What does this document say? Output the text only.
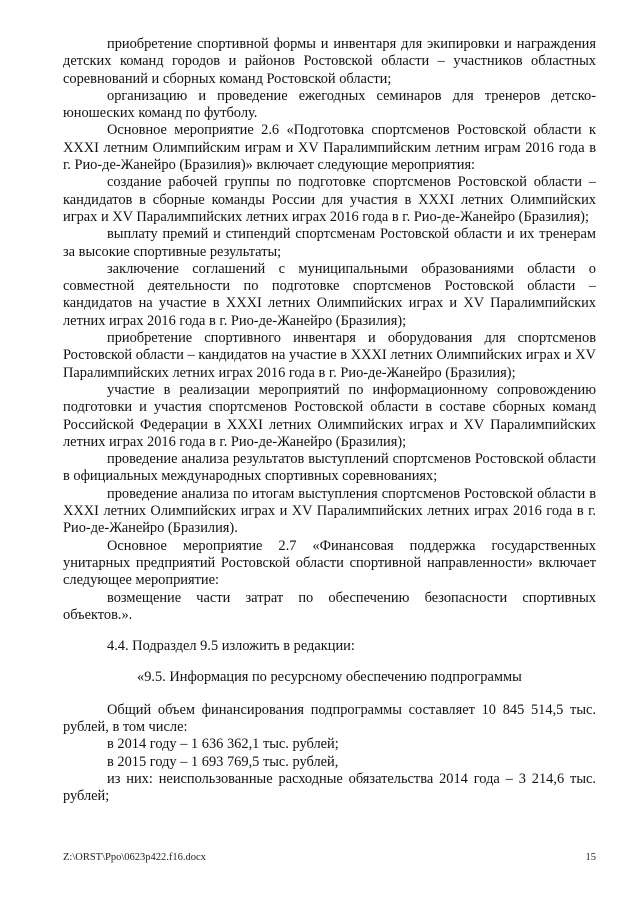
приобретение спортивной формы и инвентаря для экипировки и награждения детских команд городов и районов Ростовской области – участников областных соревнований и сборных команд Ростовской области;

организацию и проведение ежегодных семинаров для тренеров детско-юношеских команд по футболу.

Основное мероприятие 2.6 «Подготовка спортсменов Ростовской области к XXXI летним Олимпийским играм и XV Паралимпийским летним играм 2016 года в г. Рио-де-Жанейро (Бразилия)» включает следующие мероприятия:

создание рабочей группы по подготовке спортсменов Ростовской области – кандидатов в сборные команды России для участия в XXXI летних Олимпийских играх и XV Паралимпийских летних играх 2016 года в г. Рио-де-Жанейро (Бразилия);

выплату премий и стипендий спортсменам Ростовской области и их тренерам за высокие спортивные результаты;

заключение соглашений с муниципальными образованиями области о совместной деятельности по подготовке спортсменов Ростовской области – кандидатов на участие в XXXI летних Олимпийских играх и XV Паралимпийских летних играх 2016 года в г. Рио-де-Жанейро (Бразилия);

приобретение спортивного инвентаря и оборудования для спортсменов Ростовской области – кандидатов на участие в XXXI летних Олимпийских играх и XV Паралимпийских летних играх 2016 года в г. Рио-де-Жанейро (Бразилия);

участие в реализации мероприятий по информационному сопровождению подготовки и участия спортсменов Ростовской области в составе сборных команд Российской Федерации в XXXI летних Олимпийских играх и XV Паралимпийских летних играх 2016 года в г. Рио-де-Жанейро (Бразилия);

проведение анализа результатов выступлений спортсменов Ростовской области в официальных международных спортивных соревнованиях;

проведение анализа по итогам выступления спортсменов Ростовской области в XXXI летних Олимпийских играх и XV Паралимпийских летних играх 2016 года в г. Рио-де-Жанейро (Бразилия).

Основное мероприятие 2.7 «Финансовая поддержка государственных унитарных предприятий Ростовской области спортивной направленности» включает следующее мероприятие:

возмещение части затрат по обеспечению безопасности спортивных объектов.».

4.4. Подраздел 9.5 изложить в редакции:

«9.5. Информация по ресурсному обеспечению подпрограммы

Общий объем финансирования подпрограммы составляет 10 845 514,5 тыс. рублей, в том числе:

в 2014 году – 1 636 362,1 тыс. рублей;

в 2015 году – 1 693 769,5 тыс. рублей,

из них: неиспользованные расходные обязательства 2014 года – 3 214,6 тыс. рублей;

Z:\ORST\Ppo\0623p422.f16.docx	15
